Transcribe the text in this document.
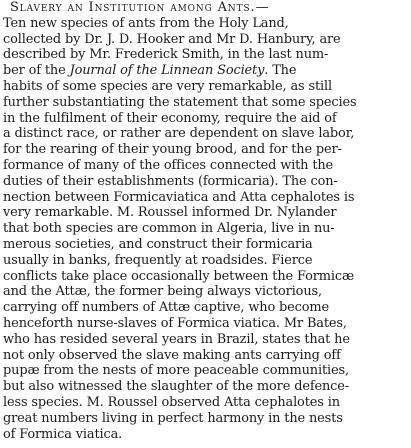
Slavery an Institution among Ants.—
Ten new species of ants from the Holy Land,
collected by Dr. J. D. Hooker and Mr D. Hanbury, are
described by Mr. Frederick Smith, in the last num-
ber of the Journal of the Linnean Society. The
habits of some species are very remarkable, as still
further substantiating the statement that some species
in the fulfilment of their economy, require the aid of
a distinct race, or rather are dependent on slave labor,
for the rearing of their young brood, and for the per-
formance of many of the offices connected with the
duties of their establishments (formicaria). The con-
nection between Formicaviatica and Atta cephalotes is
very remarkable. M. Roussel informed Dr. Nylander
that both species are common in Algeria, live in nu-
merous societies, and construct their formicaria
usually in banks, frequently at roadsides. Fierce
conflicts take place occasionally between the Formicæ
and the Attæ, the former being always victorious,
carrying off numbers of Attæ captive, who become
henceforth nurse-slaves of Formica viatica. Mr Bates,
who has resided several years in Brazil, states that he
not only observed the slave making ants carrying off
pupæ from the nests of more peaceable communities,
but also witnessed the slaughter of the more defence-
less species. M. Roussel observed Atta cephalotes in
great numbers living in perfect harmony in the nests
of Formica viatica.
